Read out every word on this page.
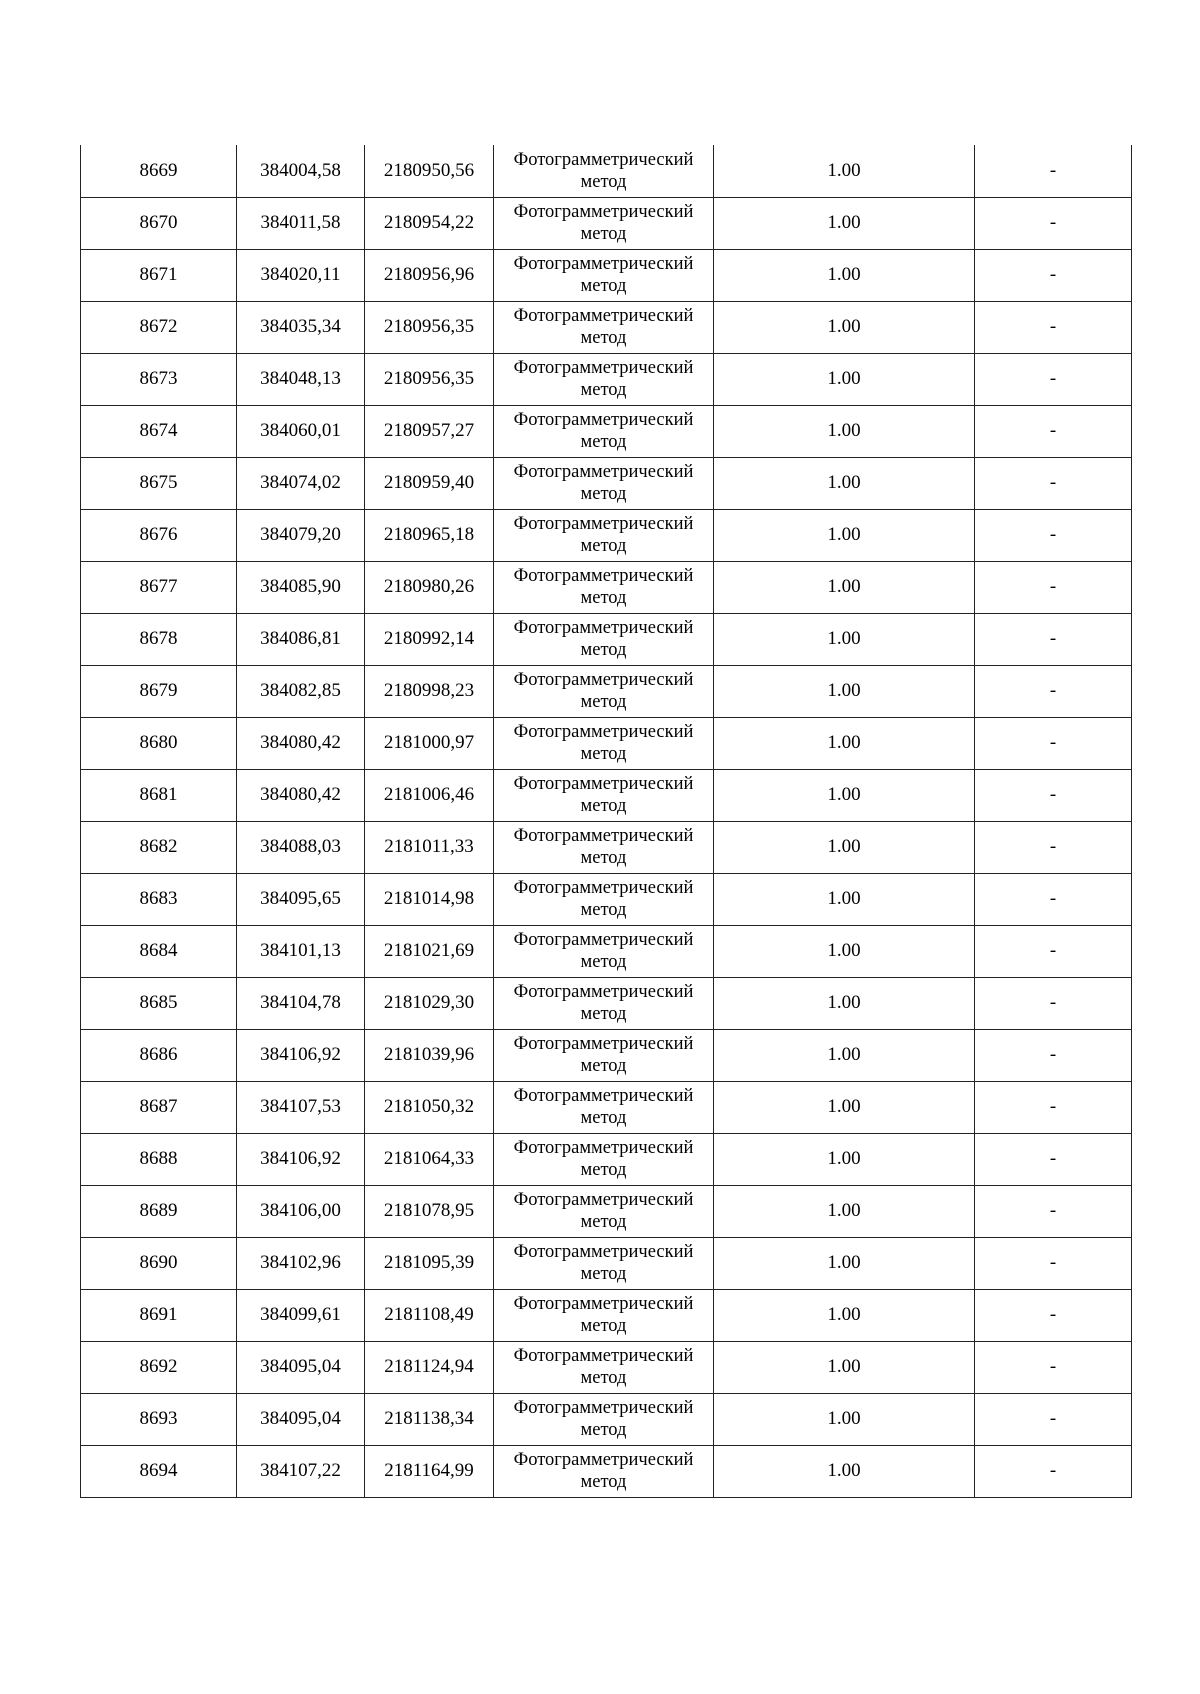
8669	384004,58	2180950,56	Фотограмметрический
метод	1.00	-
8670	384011,58	2180954,22	Фотограмметрический
метод	1.00	-
8671	384020,11	2180956,96	Фотограмметрический
метод	1.00	-
8672	384035,34	2180956,35	Фотограмметрический
метод	1.00	-
8673	384048,13	2180956,35	Фотограмметрический
метод	1.00	-
8674	384060,01	2180957,27	Фотограмметрический
метод	1.00	-
8675	384074,02	2180959,40	Фотограмметрический
метод	1.00	-
8676	384079,20	2180965,18	Фотограмметрический
метод	1.00	-
8677	384085,90	2180980,26	Фотограмметрический
метод	1.00	-
8678	384086,81	2180992,14	Фотограмметрический
метод	1.00	-
8679	384082,85	2180998,23	Фотограмметрический
метод	1.00	-
8680	384080,42	2181000,97	Фотограмметрический
метод	1.00	-
8681	384080,42	2181006,46	Фотограмметрический
метод	1.00	-
8682	384088,03	2181011,33	Фотограмметрический
метод	1.00	-
8683	384095,65	2181014,98	Фотограмметрический
метод	1.00	-
8684	384101,13	2181021,69	Фотограмметрический
метод	1.00	-
8685	384104,78	2181029,30	Фотограмметрический
метод	1.00	-
8686	384106,92	2181039,96	Фотограмметрический
метод	1.00	-
8687	384107,53	2181050,32	Фотограмметрический
метод	1.00	-
8688	384106,92	2181064,33	Фотограмметрический
метод	1.00	-
8689	384106,00	2181078,95	Фотограмметрический
метод	1.00	-
8690	384102,96	2181095,39	Фотограмметрический
метод	1.00	-
8691	384099,61	2181108,49	Фотограмметрический
метод	1.00	-
8692	384095,04	2181124,94	Фотограмметрический
метод	1.00	-
8693	384095,04	2181138,34	Фотограмметрический
метод	1.00	-
8694	384107,22	2181164,99	Фотограмметрический
метод	1.00	-
